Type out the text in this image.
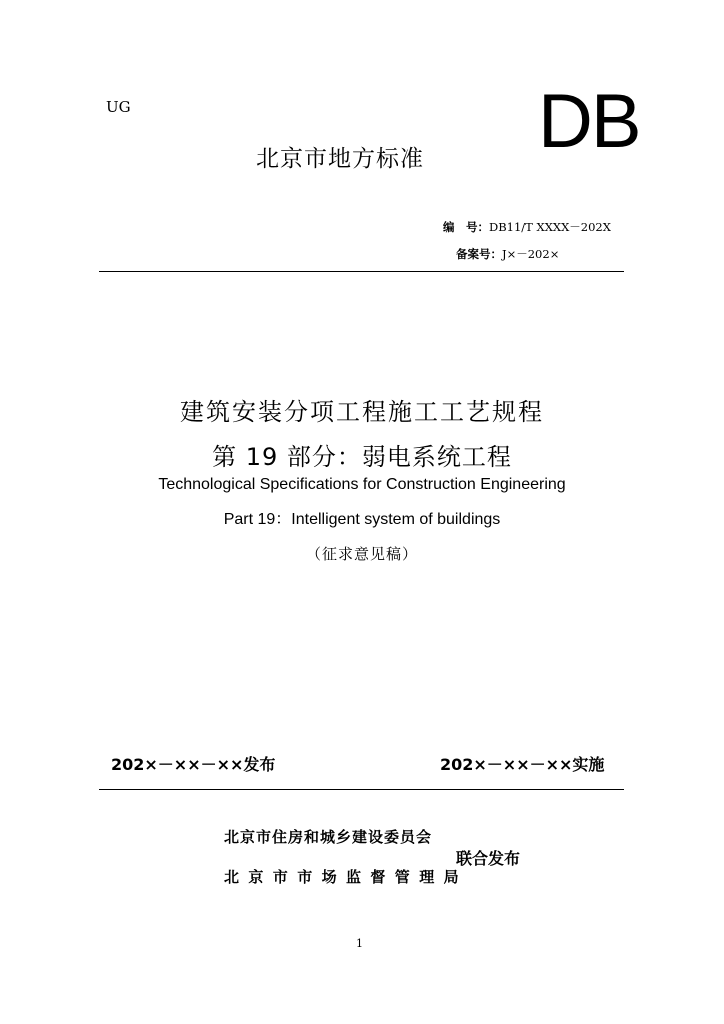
UG
北京市地方标准 DB
编　号：DB11/T XXXX－202X
备案号：J×－202×
建筑安装分项工程施工工艺规程
第 19 部分：弱电系统工程
Technological Specifications for Construction Engineering
Part 19：Intelligent system of buildings
（征求意见稿）
202×－××－××发布	202×－××－××实施
北京市住房和城乡建设委员会
北京市市场监督管理局
联合发布
1
